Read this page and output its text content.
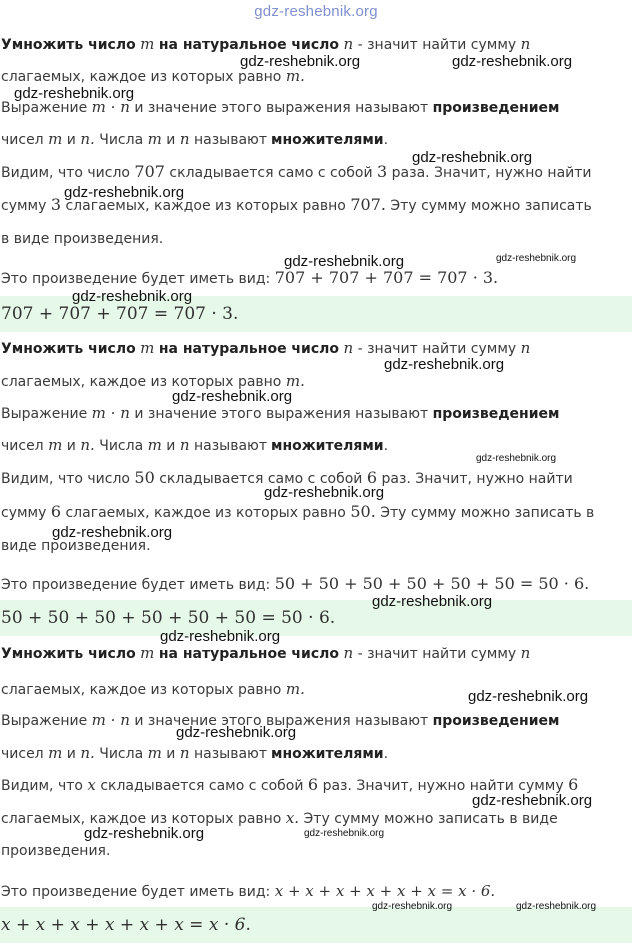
gdz-reshebnik.org
Умножить число m на натуральное число n - значит найти сумму n
слагаемых, каждое из которых равно m.
Выражение m · n и значение этого выражения называют произведением
чисел m и n. Числа m и n называют множителями.
Видим, что число 707 складывается само с собой 3 раза. Значит, нужно найти
сумму 3 слагаемых, каждое из которых равно 707. Эту сумму можно записать
в виде произведения.
Это произведение будет иметь вид: 707 + 707 + 707 = 707 · 3.
707 + 707 + 707 = 707 · 3.
Умножить число m на натуральное число n - значит найти сумму n
слагаемых, каждое из которых равно m.
Выражение m · n и значение этого выражения называют произведением
чисел m и n. Числа m и n называют множителями.
Видим, что число 50 складывается само с собой 6 раз. Значит, нужно найти
сумму 6 слагаемых, каждое из которых равно 50. Эту сумму можно записать в
виде произведения.
Это произведение будет иметь вид: 50 + 50 + 50 + 50 + 50 + 50 = 50 · 6.
50 + 50 + 50 + 50 + 50 + 50 = 50 · 6.
Умножить число m на натуральное число n - значит найти сумму n
слагаемых, каждое из которых равно m.
Выражение m · n и значение этого выражения называют произведением
чисел m и n. Числа m и n называют множителями.
Видим, что x складывается само с собой 6 раз. Значит, нужно найти сумму 6
слагаемых, каждое из которых равно x. Эту сумму можно записать в виде
произведения.
Это произведение будет иметь вид: x + x + x + x + x + x = x · 6.
x + x + x + x + x + x = x · 6.
gdz-reshebnik.org	gdz-reshebnik.org
gdz-reshebnik.org
gdz-reshebnik.org
gdz-reshebnik.org
gdz-reshebnik.org	gdz-reshebnik.org
gdz-reshebnik.org
gdz-reshebnik.org
gdz-reshebnik.org
gdz-reshebnik.org
gdz-reshebnik.org
gdz-reshebnik.org
gdz-reshebnik.org
gdz-reshebnik.org
gdz-reshebnik.org
gdz-reshebnik.org
gdz-reshebnik.org
gdz-reshebnik.org	gdz-reshebnik.org
gdz-reshebnik.org	gdz-reshebnik.org
